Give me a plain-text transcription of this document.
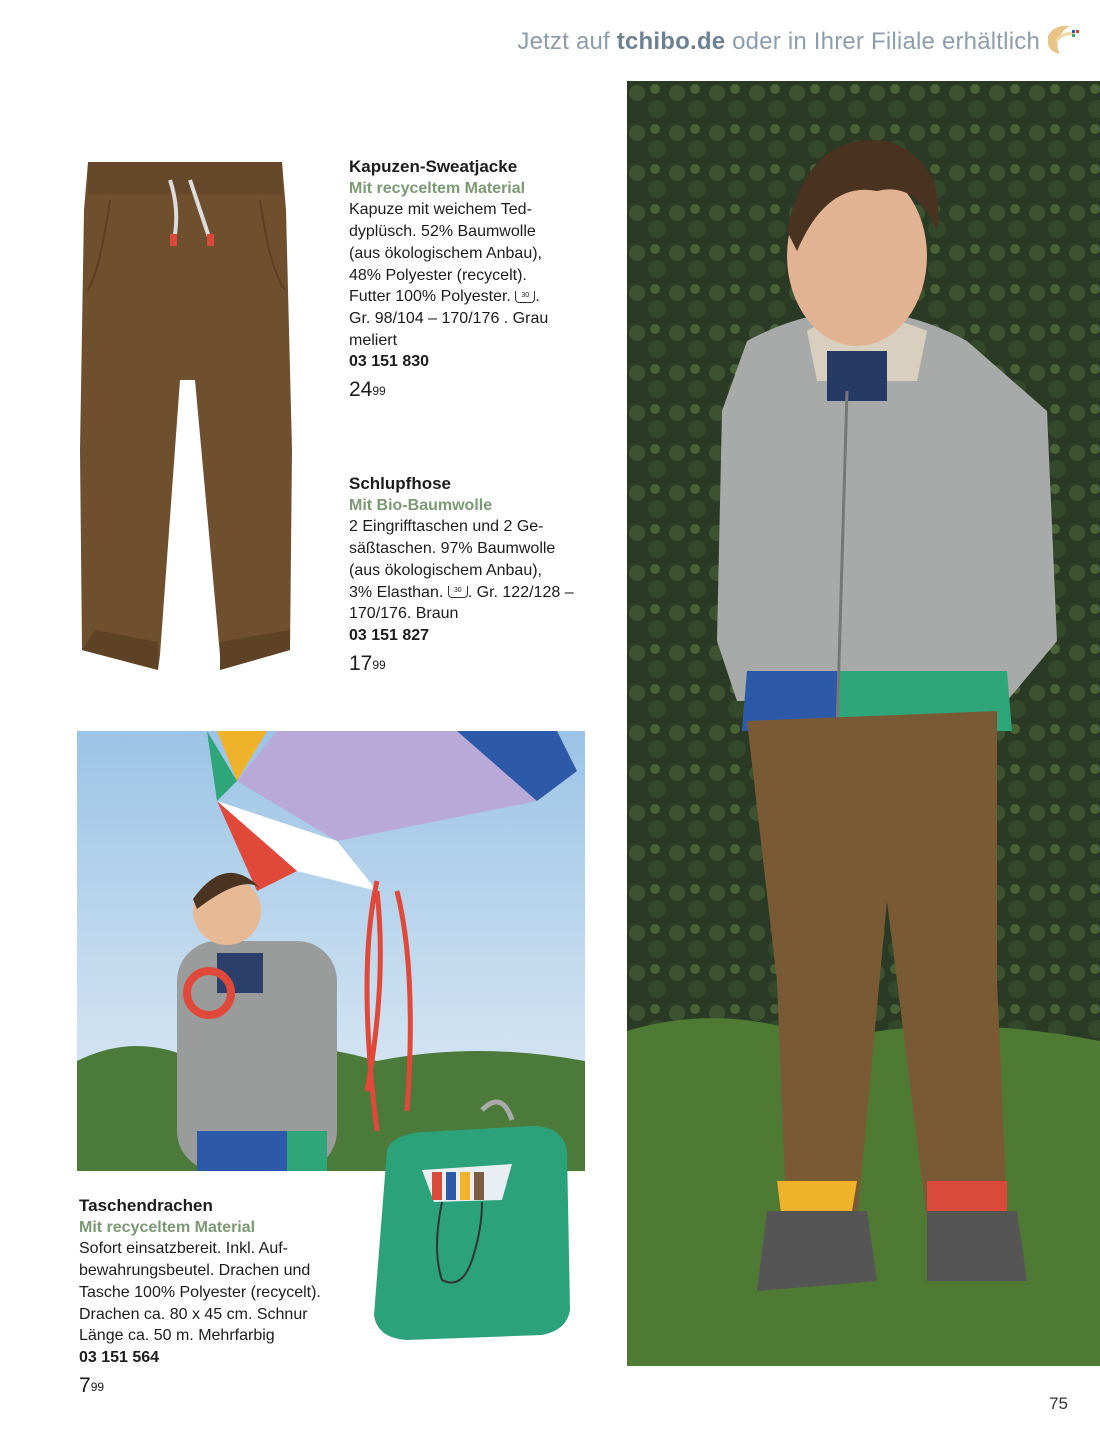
Jetzt auf tchibo.de oder in Ihrer Filiale erhältlich
Kapuzen-Sweatjacke
Mit recyceltem Material
Kapuze mit weichem Ted-
dyplüsch. 52% Baumwolle
(aus ökologischem Anbau),
48% Polyester (recycelt).
Futter 100% Polyester. 30 .
Gr. 98/104 – 170/176 . Grau
meliert
03 151 830
$24^{99}$
Schlupfhose
Mit Bio-Baumwolle
2 Eingrifftaschen und 2 Ge-
säßtaschen. 97% Baumwolle
(aus ökologischem Anbau),
3% Elasthan. 30 . Gr. 122/128 –
170/176. Braun
03 151 827
$17^{99}$
Taschendrachen
Mit recyceltem Material
Sofort einsatzbereit. Inkl. Auf-
bewahrungsbeutel. Drachen und
Tasche 100% Polyester (recycelt).
Drachen ca. 80 x 45 cm. Schnur
Länge ca. 50 m. Mehrfarbig
03 151 564
$7^{99}$
75
